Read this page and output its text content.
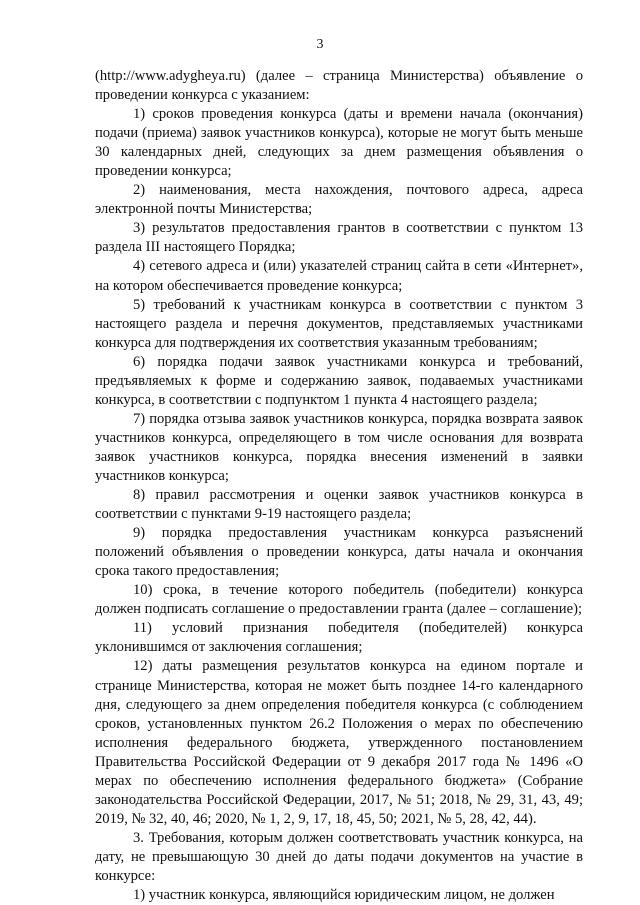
3

(http://www.adygheya.ru) (далее – страница Министерства) объявление о проведении конкурса с указанием:

1) сроков проведения конкурса (даты и времени начала (окончания) подачи (приема) заявок участников конкурса), которые не могут быть меньше 30 календарных дней, следующих за днем размещения объявления о проведении конкурса;

2) наименования, места нахождения, почтового адреса, адреса электронной почты Министерства;

3) результатов предоставления грантов в соответствии с пунктом 13 раздела III настоящего Порядка;

4) сетевого адреса и (или) указателей страниц сайта в сети «Интернет», на котором обеспечивается проведение конкурса;

5) требований к участникам конкурса в соответствии с пунктом 3 настоящего раздела и перечня документов, представляемых участниками конкурса для подтверждения их соответствия указанным требованиям;

6) порядка подачи заявок участниками конкурса и требований, предъявляемых к форме и содержанию заявок, подаваемых участниками конкурса, в соответствии с подпунктом 1 пункта 4 настоящего раздела;

7) порядка отзыва заявок участников конкурса, порядка возврата заявок участников конкурса, определяющего в том числе основания для возврата заявок участников конкурса, порядка внесения изменений в заявки участников конкурса;

8) правил рассмотрения и оценки заявок участников конкурса в соответствии с пунктами 9-19 настоящего раздела;

9) порядка предоставления участникам конкурса разъяснений положений объявления о проведении конкурса, даты начала и окончания срока такого предоставления;

10) срока, в течение которого победитель (победители) конкурса должен подписать соглашение о предоставлении гранта (далее – соглашение);

11) условий признания победителя (победителей) конкурса уклонившимся от заключения соглашения;

12) даты размещения результатов конкурса на едином портале и странице Министерства, которая не может быть позднее 14-го календарного дня, следующего за днем определения победителя конкурса (с соблюдением сроков, установленных пунктом 26.2 Положения о мерах по обеспечению исполнения федерального бюджета, утвержденного постановлением Правительства Российской Федерации от 9 декабря 2017 года № 1496 «О мерах по обеспечению исполнения федерального бюджета» (Собрание законодательства Российской Федерации, 2017, № 51; 2018, № 29, 31, 43, 49; 2019, № 32, 40, 46; 2020, № 1, 2, 9, 17, 18, 45, 50; 2021, № 5, 28, 42, 44).

3. Требования, которым должен соответствовать участник конкурса, на дату, не превышающую 30 дней до даты подачи документов на участие в конкурсе:

1) участник конкурса, являющийся юридическим лицом, не должен
